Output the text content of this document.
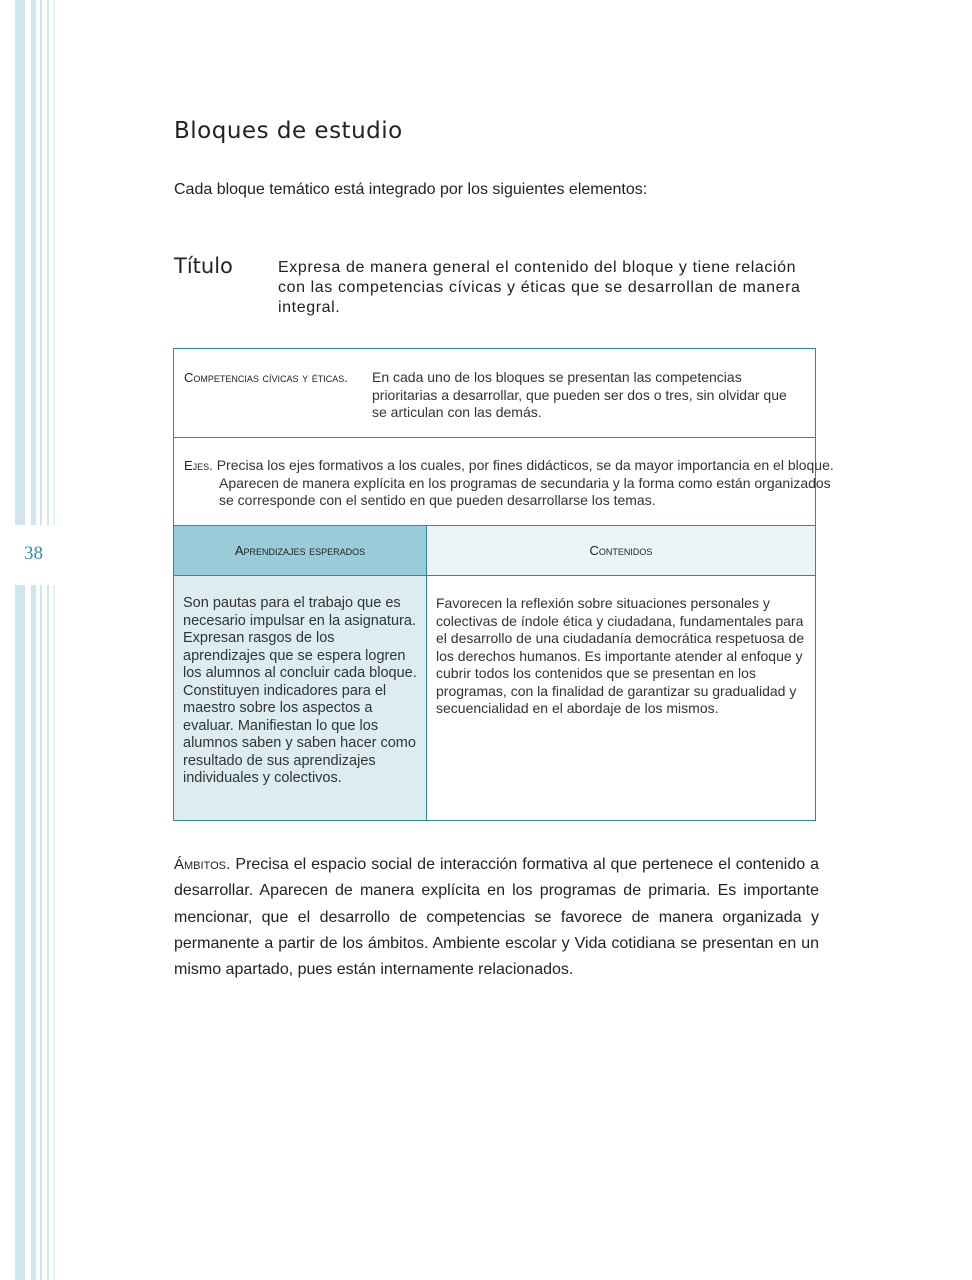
38
Bloques de estudio
Cada bloque temático está integrado por los siguientes elementos:
Título	Expresa de manera general el contenido del bloque y tiene relación con las competencias cívicas y éticas que se desarrollan de manera integral.
Competencias cívicas y éticas. En cada uno de los bloques se presentan las competencias prioritarias a desarrollar, que pueden ser dos o tres, sin olvidar que se articulan con las demás.
Ejes. Precisa los ejes formativos a los cuales, por fines didácticos, se da mayor importancia en el bloque. Aparecen de manera explícita en los programas de secundaria y la forma como están organizados se corresponde con el sentido en que pueden desarrollarse los temas.
Aprendizajes esperados	Contenidos
Son pautas para el trabajo que es necesario impulsar en la asignatura. Expresan rasgos de los aprendizajes que se espera logren los alumnos al concluir cada bloque. Constituyen indicadores para el maestro sobre los aspectos a evaluar. Manifiestan lo que los alumnos saben y saben hacer como resultado de sus aprendizajes individuales y colectivos.
Favorecen la reflexión sobre situaciones personales y colectivas de índole ética y ciudadana, fundamentales para el desarrollo de una ciudadanía democrática respetuosa de los derechos humanos. Es importante atender al enfoque y cubrir todos los contenidos que se presentan en los programas, con la finalidad de garantizar su gradualidad y secuencialidad en el abordaje de los mismos.
Ámbitos. Precisa el espacio social de interacción formativa al que pertenece el contenido a desarrollar. Aparecen de manera explícita en los programas de primaria. Es importante mencionar, que el desarrollo de competencias se favorece de manera organizada y permanente a partir de los ámbitos. Ambiente escolar y Vida cotidiana se presentan en un mismo apartado, pues están internamente relacionados.
